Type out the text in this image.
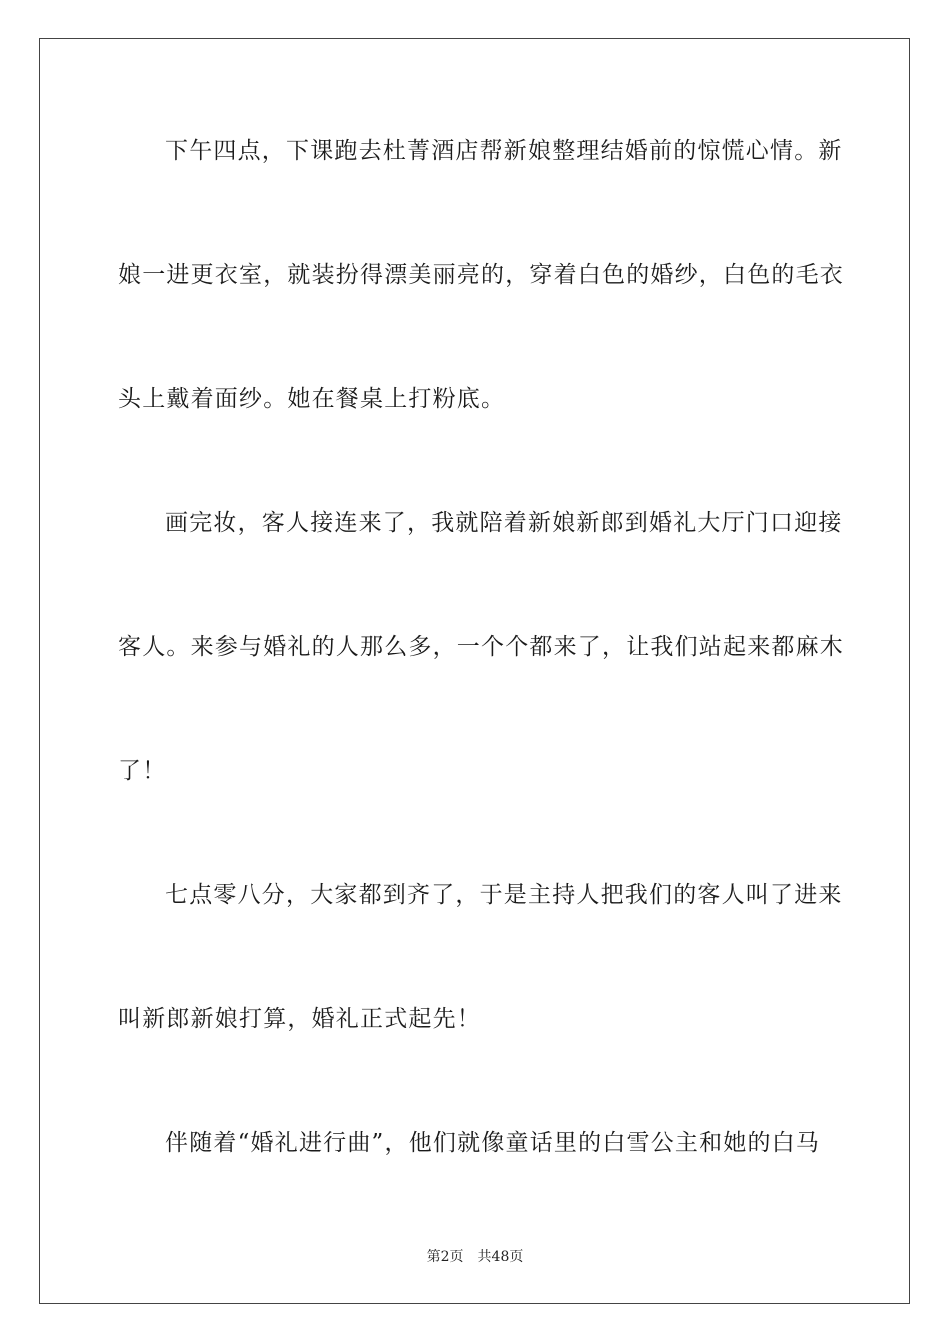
下午四点，下课跑去杜菁酒店帮新娘整理结婚前的惊慌心情。新
娘一进更衣室，就装扮得漂美丽亮的，穿着白色的婚纱，白色的毛衣
头上戴着面纱。她在餐桌上打粉底。
画完妆，客人接连来了，我就陪着新娘新郎到婚礼大厅门口迎接
客人。来参与婚礼的人那么多，一个个都来了，让我们站起来都麻木
了！
七点零八分，大家都到齐了，于是主持人把我们的客人叫了进来
叫新郎新娘打算，婚礼正式起先！
伴随着“婚礼进行曲”，他们就像童话里的白雪公主和她的白马
第2页 共48页
